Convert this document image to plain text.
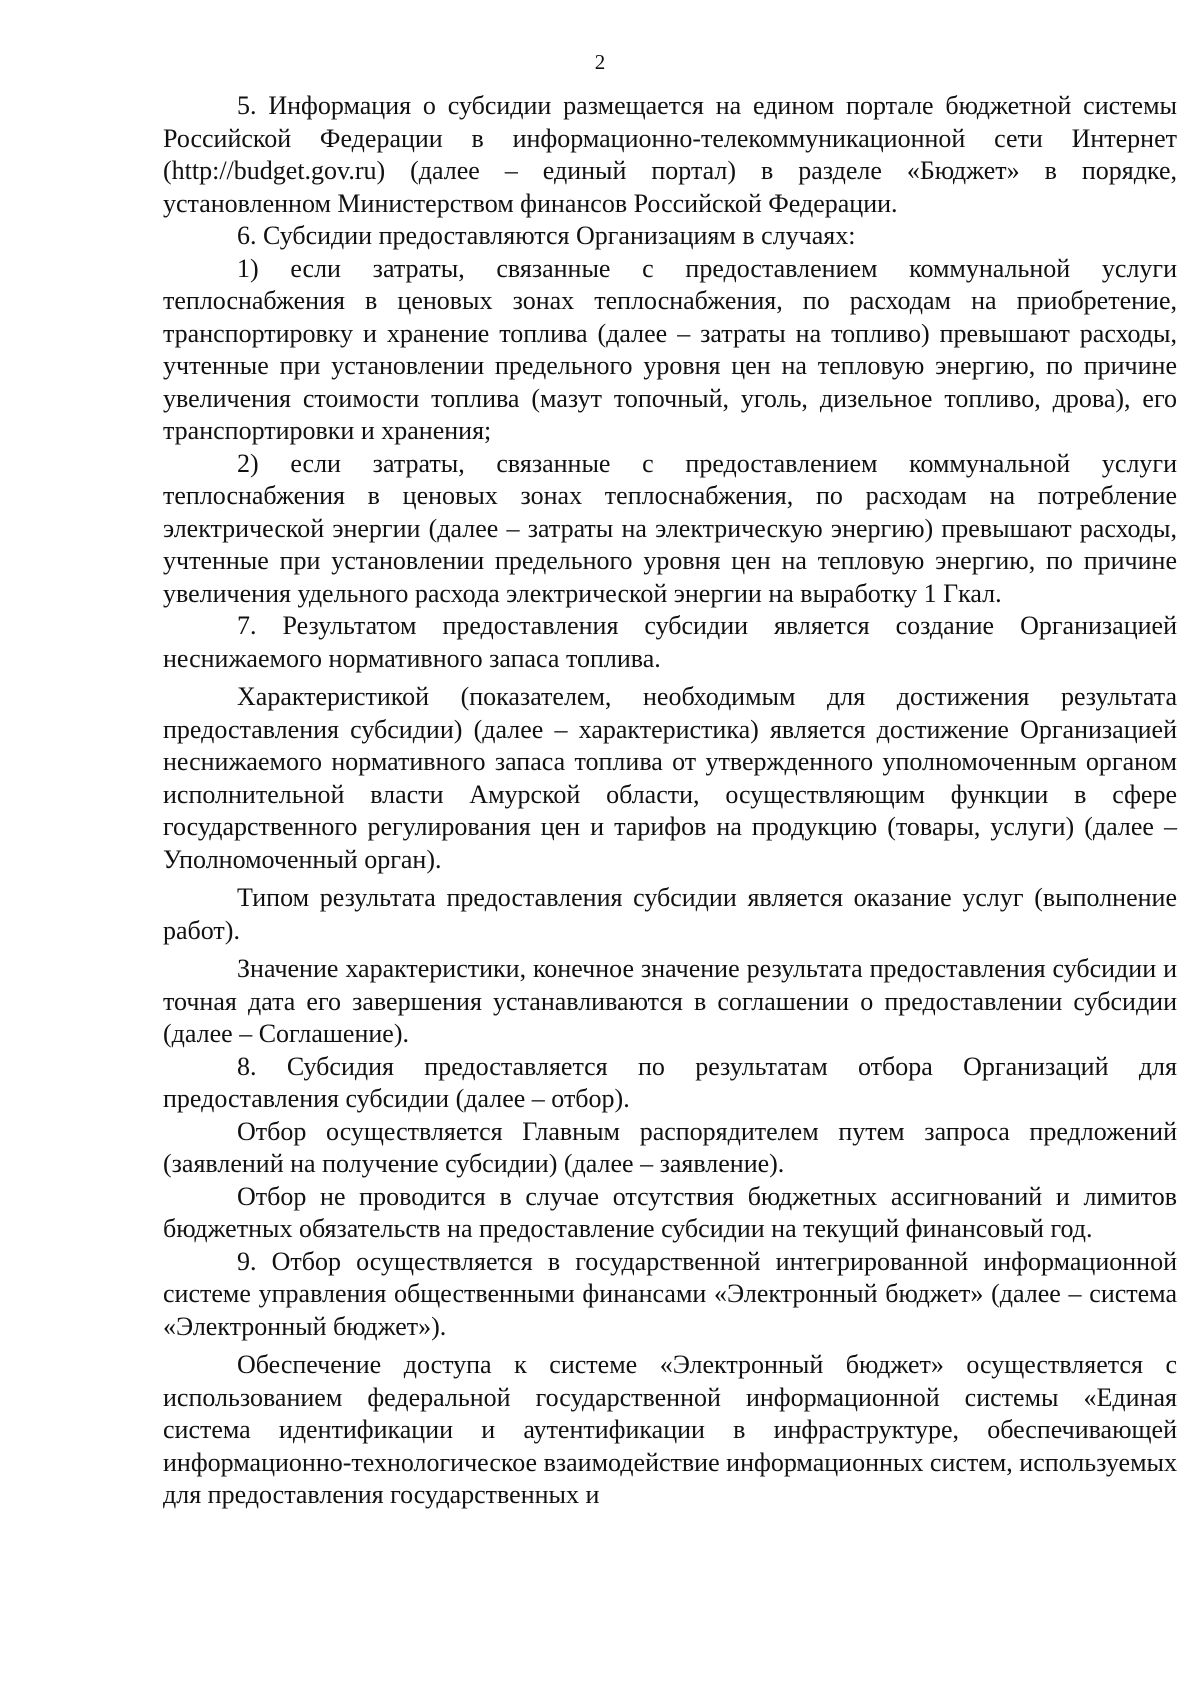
2

5. Информация о субсидии размещается на едином портале бюджетной системы Российской Федерации в информационно-телекоммуникационной сети Интернет (http://budget.gov.ru) (далее – единый портал) в разделе «Бюджет» в порядке, установленном Министерством финансов Российской Федерации.

6. Субсидии предоставляются Организациям в случаях:

1) если затраты, связанные с предоставлением коммунальной услуги теплоснабжения в ценовых зонах теплоснабжения, по расходам на приобретение, транспортировку и хранение топлива (далее – затраты на топливо) превышают расходы, учтенные при установлении предельного уровня цен на тепловую энергию, по причине увеличения стоимости топлива (мазут топочный, уголь, дизельное топливо, дрова), его транспортировки и хранения;

2) если затраты, связанные с предоставлением коммунальной услуги теплоснабжения в ценовых зонах теплоснабжения, по расходам на потребление электрической энергии (далее – затраты на электрическую энергию) превышают расходы, учтенные при установлении предельного уровня цен на тепловую энергию, по причине увеличения удельного расхода электрической энергии на выработку 1 Гкал.

7. Результатом предоставления субсидии является создание Организацией неснижаемого нормативного запаса топлива.

Характеристикой (показателем, необходимым для достижения результата предоставления субсидии) (далее – характеристика) является достижение Организацией неснижаемого нормативного запаса топлива от утвержденного уполномоченным органом исполнительной власти Амурской области, осуществляющим функции в сфере государственного регулирования цен и тарифов на продукцию (товары, услуги) (далее – Уполномоченный орган).

Типом результата предоставления субсидии является оказание услуг (выполнение работ).

Значение характеристики, конечное значение результата предоставления субсидии и точная дата его завершения устанавливаются в соглашении о предоставлении субсидии (далее – Соглашение).

8. Субсидия предоставляется по результатам отбора Организаций для предоставления субсидии (далее – отбор).

Отбор осуществляется Главным распорядителем путем запроса предложений (заявлений на получение субсидии) (далее – заявление).

Отбор не проводится в случае отсутствия бюджетных ассигнований и лимитов бюджетных обязательств на предоставление субсидии на текущий финансовый год.

9. Отбор осуществляется в государственной интегрированной информационной системе управления общественными финансами «Электронный бюджет» (далее – система «Электронный бюджет»).

Обеспечение доступа к системе «Электронный бюджет» осуществляется с использованием федеральной государственной информационной системы «Единая система идентификации и аутентификации в инфраструктуре, обеспечивающей информационно-технологическое взаимодействие информационных систем, используемых для предоставления государственных и
